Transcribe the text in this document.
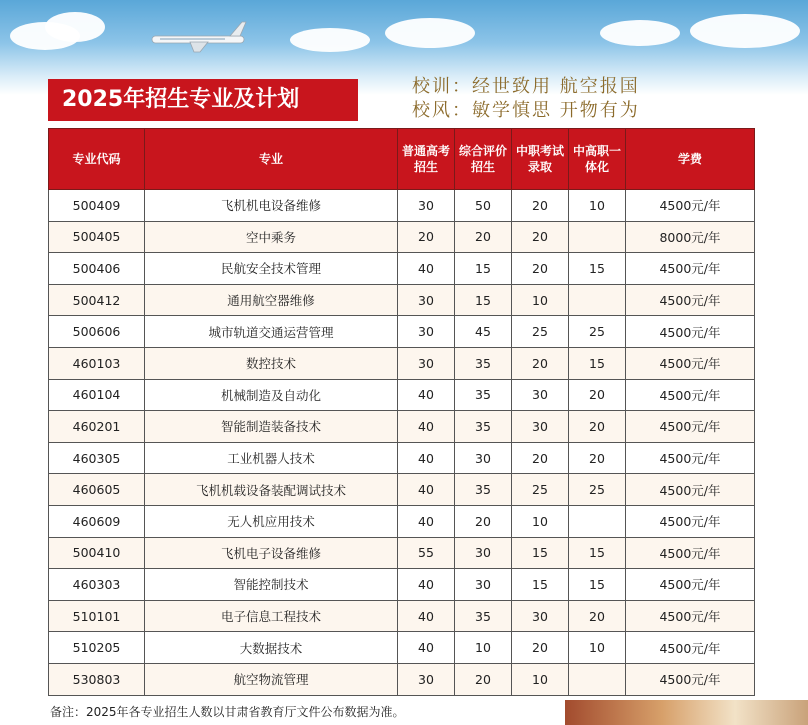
2025年招生专业及计划
校训：经世致用 航空报国
校风：敏学慎思 开物有为
专业代码	专业	普通高考招生	综合评价招生	中职考试录取	中高职一体化	学费
500409	飞机机电设备维修	30	50	20	10	4500元/年
500405	空中乘务	20	20	20		8000元/年
500406	民航安全技术管理	40	15	20	15	4500元/年
500412	通用航空器维修	30	15	10		4500元/年
500606	城市轨道交通运营管理	30	45	25	25	4500元/年
460103	数控技术	30	35	20	15	4500元/年
460104	机械制造及自动化	40	35	30	20	4500元/年
460201	智能制造装备技术	40	35	30	20	4500元/年
460305	工业机器人技术	40	30	20	20	4500元/年
460605	飞机机载设备装配调试技术	40	35	25	25	4500元/年
460609	无人机应用技术	40	20	10		4500元/年
500410	飞机电子设备维修	55	30	15	15	4500元/年
460303	智能控制技术	40	30	15	15	4500元/年
510101	电子信息工程技术	40	35	30	20	4500元/年
510205	大数据技术	40	10	20	10	4500元/年
530803	航空物流管理	30	20	10		4500元/年
备注：2025年各专业招生人数以甘肃省教育厅文件公布数据为准。
